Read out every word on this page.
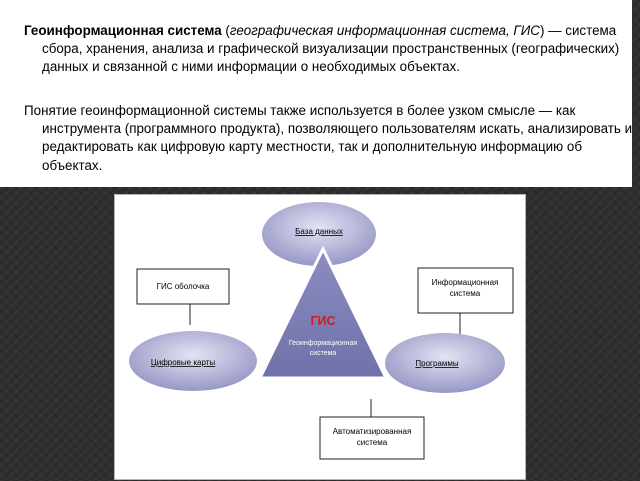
Геоинформационная система (географическая информационная система, ГИС) — система сбора, хранения, анализа и графической визуализации пространственных (географических) данных и связанной с ними информации о необходимых объектах.
Понятие геоинформационной системы также используется в более узком смысле — как инструмента (программного продукта), позволяющего пользователям искать, анализировать и редактировать как цифровую карту местности, так и дополнительную информацию об объектах.
База данных
Цифровые карты	Программы
ГИС оболочка	Информационная
система
Автоматизированная
система
ГИС
Геоинформационная
система
